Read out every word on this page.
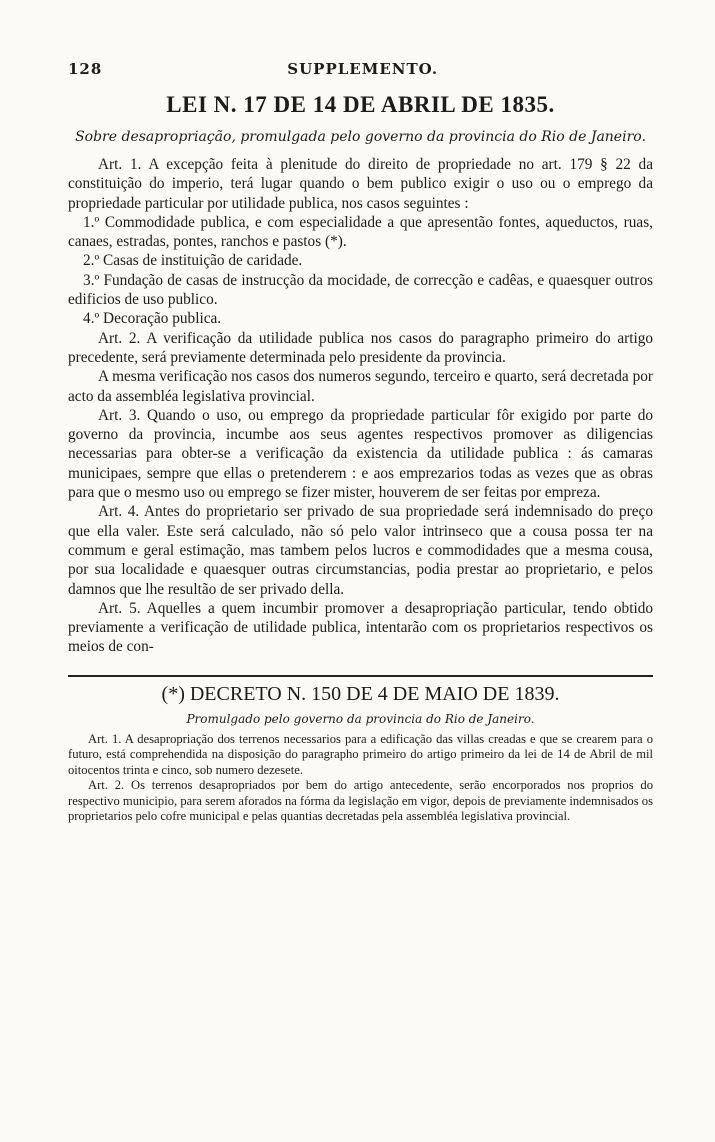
128	SUPPLEMENTO.
LEI N. 17 DE 14 DE ABRIL DE 1835.
Sobre desapropriação, promulgada pelo governo da provincia do Rio de Janeiro.

Art. 1. A excepção feita à plenitude do direito de propriedade no art. 179 § 22 da constituição do imperio, terá lugar quando o bem publico exigir o uso ou o emprego da propriedade particular por utilidade publica, nos casos seguintes :

1.º Commodidade publica, e com especialidade a que apresentão fontes, aqueductos, ruas, canaes, estradas, pontes, ranchos e pastos (*).

2.º Casas de instituição de caridade.

3.º Fundação de casas de instrucção da mocidade, de correcção e cadêas, e quaesquer outros edificios de uso publico.

4.º Decoração publica.

Art. 2. A verificação da utilidade publica nos casos do paragrapho primeiro do artigo precedente, será previamente determinada pelo presidente da provincia.

A mesma verificação nos casos dos numeros segundo, terceiro e quarto, será decretada por acto da assembléa legislativa provincial.

Art. 3. Quando o uso, ou emprego da propriedade particular fôr exigido por parte do governo da provincia, incumbe aos seus agentes respectivos promover as diligencias necessarias para obter-se a verificação da existencia da utilidade publica : ás camaras municipaes, sempre que ellas o pretenderem : e aos emprezarios todas as vezes que as obras para que o mesmo uso ou emprego se fizer mister, houverem de ser feitas por empreza.

Art. 4. Antes do proprietario ser privado de sua propriedade será indemnisado do preço que ella valer. Este será calculado, não só pelo valor intrinseco que a cousa possa ter na commum e geral estimação, mas tambem pelos lucros e commodidades que a mesma cousa, por sua localidade e quaesquer outras circumstancias, podia prestar ao proprietario, e pelos damnos que lhe resultão de ser privado della.

Art. 5. Aquelles a quem incumbir promover a desapropriação particular, tendo obtido previamente a verificação de utilidade publica, intentarão com os proprietarios respectivos os meios de con-

(*) DECRETO N. 150 DE 4 DE MAIO DE 1839.
Promulgado pelo governo da provincia do Rio de Janeiro.

Art. 1. A desapropriação dos terrenos necessarios para a edificação das villas creadas e que se crearem para o futuro, está comprehendida na disposição do paragrapho primeiro do artigo primeiro da lei de 14 de Abril de mil oitocentos trinta e cinco, sob numero dezesete.

Art. 2. Os terrenos desapropriados por bem do artigo antecedente, serão encorporados nos proprios do respectivo municipio, para serem aforados na fórma da legislação em vigor, depois de previamente indemnisados os proprietarios pelo cofre municipal e pelas quantias decretadas pela assembléa legislativa provincial.
